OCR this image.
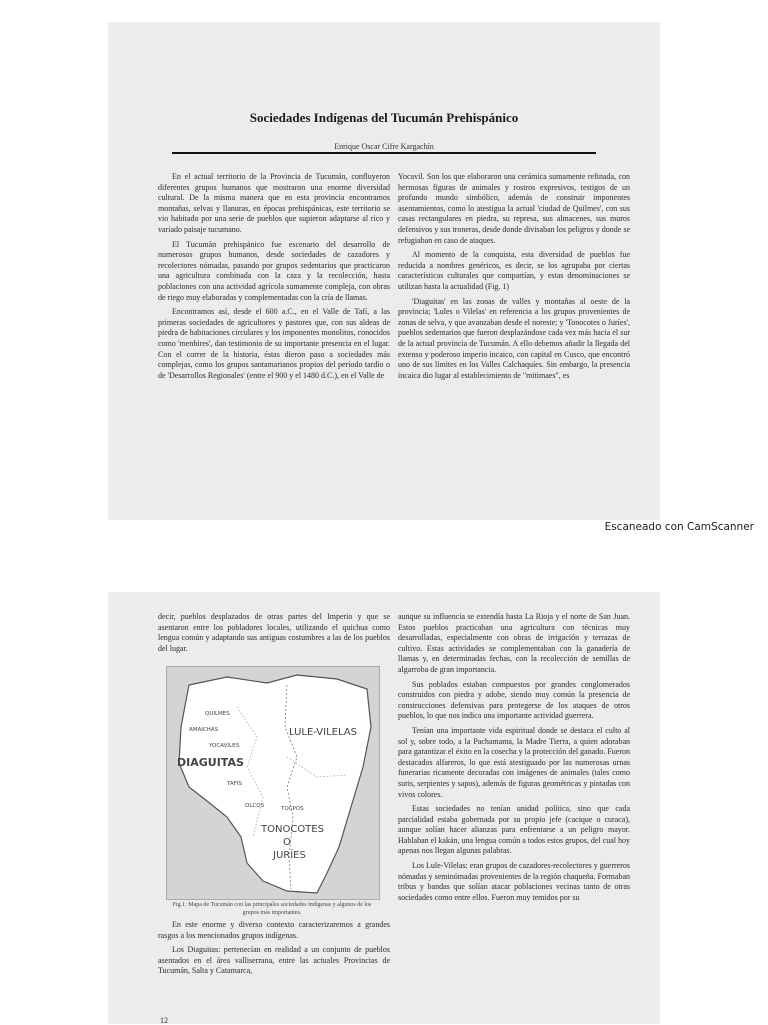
Sociedades Indígenas del Tucumán Prehispánico
Enrique Oscar Cifre Kargachín

En el actual territorio de la Provincia de Tucumán, confluyeron diferentes grupos humanos que mostraron una enorme diversidad cultural. De la misma manera que en esta provincia encontramos montañas, selvas y llanuras, en épocas prehispánicas, este territorio se vio habitado por una serie de pueblos que supieron adaptarse al rico y variado paisaje tucumano.

El Tucumán prehispánico fue escenario del desarrollo de numerosos grupos humanos, desde sociedades de cazadores y recolectores nómadas, pasando por grupos sedentarios que practicaron una agricultura combinada con la caza y la recolección, hasta poblaciones con una actividad agrícola sumamente compleja, con obras de riego muy elaboradas y complementadas con la cría de llamas.

Encontramos así, desde el 600 a.C., en el Valle de Tafí, a las primeras sociedades de agricultores y pastores que, con sus aldeas de piedra de habitaciones circulares y los imponentes monolitos, conocidos como 'menhires', dan testimonio de su importante presencia en el lugar. Con el correr de la historia, éstas dieron paso a sociedades más complejas, como los grupos santamarianos propios del período tardío o de 'Desarrollos Regionales' (entre el 900 y el 1480 d.C.), en el Valle de

Yocavil. Son los que elaboraron una cerámica sumamente refinada, con hermosas figuras de animales y rostros expresivos, testigos de un profundo mundo simbólico, además de construir imponentes asentamientos, como lo atestigua la actual 'ciudad de Quilmes', con sus casas rectangulares en piedra, su represa, sus almacenes, sus muros defensivos y sus troneras, desde donde divisaban los peligros y donde se refugiaban en caso de ataques.

Al momento de la conquista, esta diversidad de pueblos fue reducida a nombres genéricos, es decir, se los agrupaba por ciertas características culturales que compartían, y estas denominaciones se utilizan hasta la actualidad (Fig. 1)

'Diaguitas' en las zonas de valles y montañas al oeste de la provincia; 'Lules o Vilelas' en referencia a los grupos provenientes de zonas de selva, y que avanzaban desde el noreste; y 'Tonocotes o Juríes', pueblos sedentarios que fueron desplazándose cada vez más hacia el sur de la actual provincia de Tucumán. A ello debemos añadir la llegada del extenso y poderoso imperio incaico, con capital en Cusco, que encontró uno de sus límites en los Valles Calchaquíes. Sin embargo, la presencia incaica dio lugar al establecimiento de "mitimaes", es

Escaneado con CamScanner

decir, pueblos desplazados de otras partes del Imperio y que se asentaron entre los pobladores locales, utilizando el quichua como lengua común y adaptando sus antiguas costumbres a las de los pueblos del lugar.

QUILMES
AMAICHAS
YOCAVILES
DIAGUITAS
TAFÍS
OLCOS	TOCPOS
LULE-VILELAS
TONOCOTES
O
JURÍES
Fig.1: Mapa de Tucumán con las principales sociedades indígenas y algunos de los grupos más importantes.

En este enorme y diverso contexto caracterizaremos a grandes rasgos a los mencionados grupos indígenas.

Los Diaguitas: pertenecían en realidad a un conjunto de pueblos asentados en el área valliserrana, entre las actuales Provincias de Tucumán, Salta y Catamarca,

aunque su influencia se extendía hasta La Rioja y el norte de San Juan. Estos pueblos practicaban una agricultura con técnicas muy desarrolladas, especialmente con obras de irrigación y terrazas de cultivo. Estas actividades se complementaban con la ganadería de llamas y, en determinadas fechas, con la recolección de semillas de algarroba de gran importancia.

Sus poblados estaban compuestos por grandes conglomerados construidos con piedra y adobe, siendo muy común la presencia de construcciones defensivas para protegerse de los ataques de otros pueblos, lo que nos indica una importante actividad guerrera.

Tenían una importante vida espiritual donde se destaca el culto al sol y, sobre todo, a la Pachamama, la Madre Tierra, a quien adoraban para garantizar el éxito en la cosecha y la protección del ganado. Fueron destacados alfareros, lo que está atestiguado por las numerosas urnas funerarias ricamente decoradas con imágenes de animales (tales como suris, serpientes y sapos), además de figuras geométricas y pintadas con vivos colores.

Estas sociedades no tenían unidad política, sino que cada parcialidad estaba gobernada por su propio jefe (cacique o curaca), aunque solían hacer alianzas para enfrentarse a un peligro mayor. Hablaban el kakán, una lengua común a todos estos grupos, del cual hoy apenas nos llegan algunas palabras.

Los Lule-Vilelas: eran grupos de cazadores-recolectores y guerreros nómadas y seminómadas provenientes de la región chaqueña. Formaban tribus y bandas que solían atacar poblaciones vecinas tanto de otras sociedades como entre ellos. Fueron muy temidos por su

12
